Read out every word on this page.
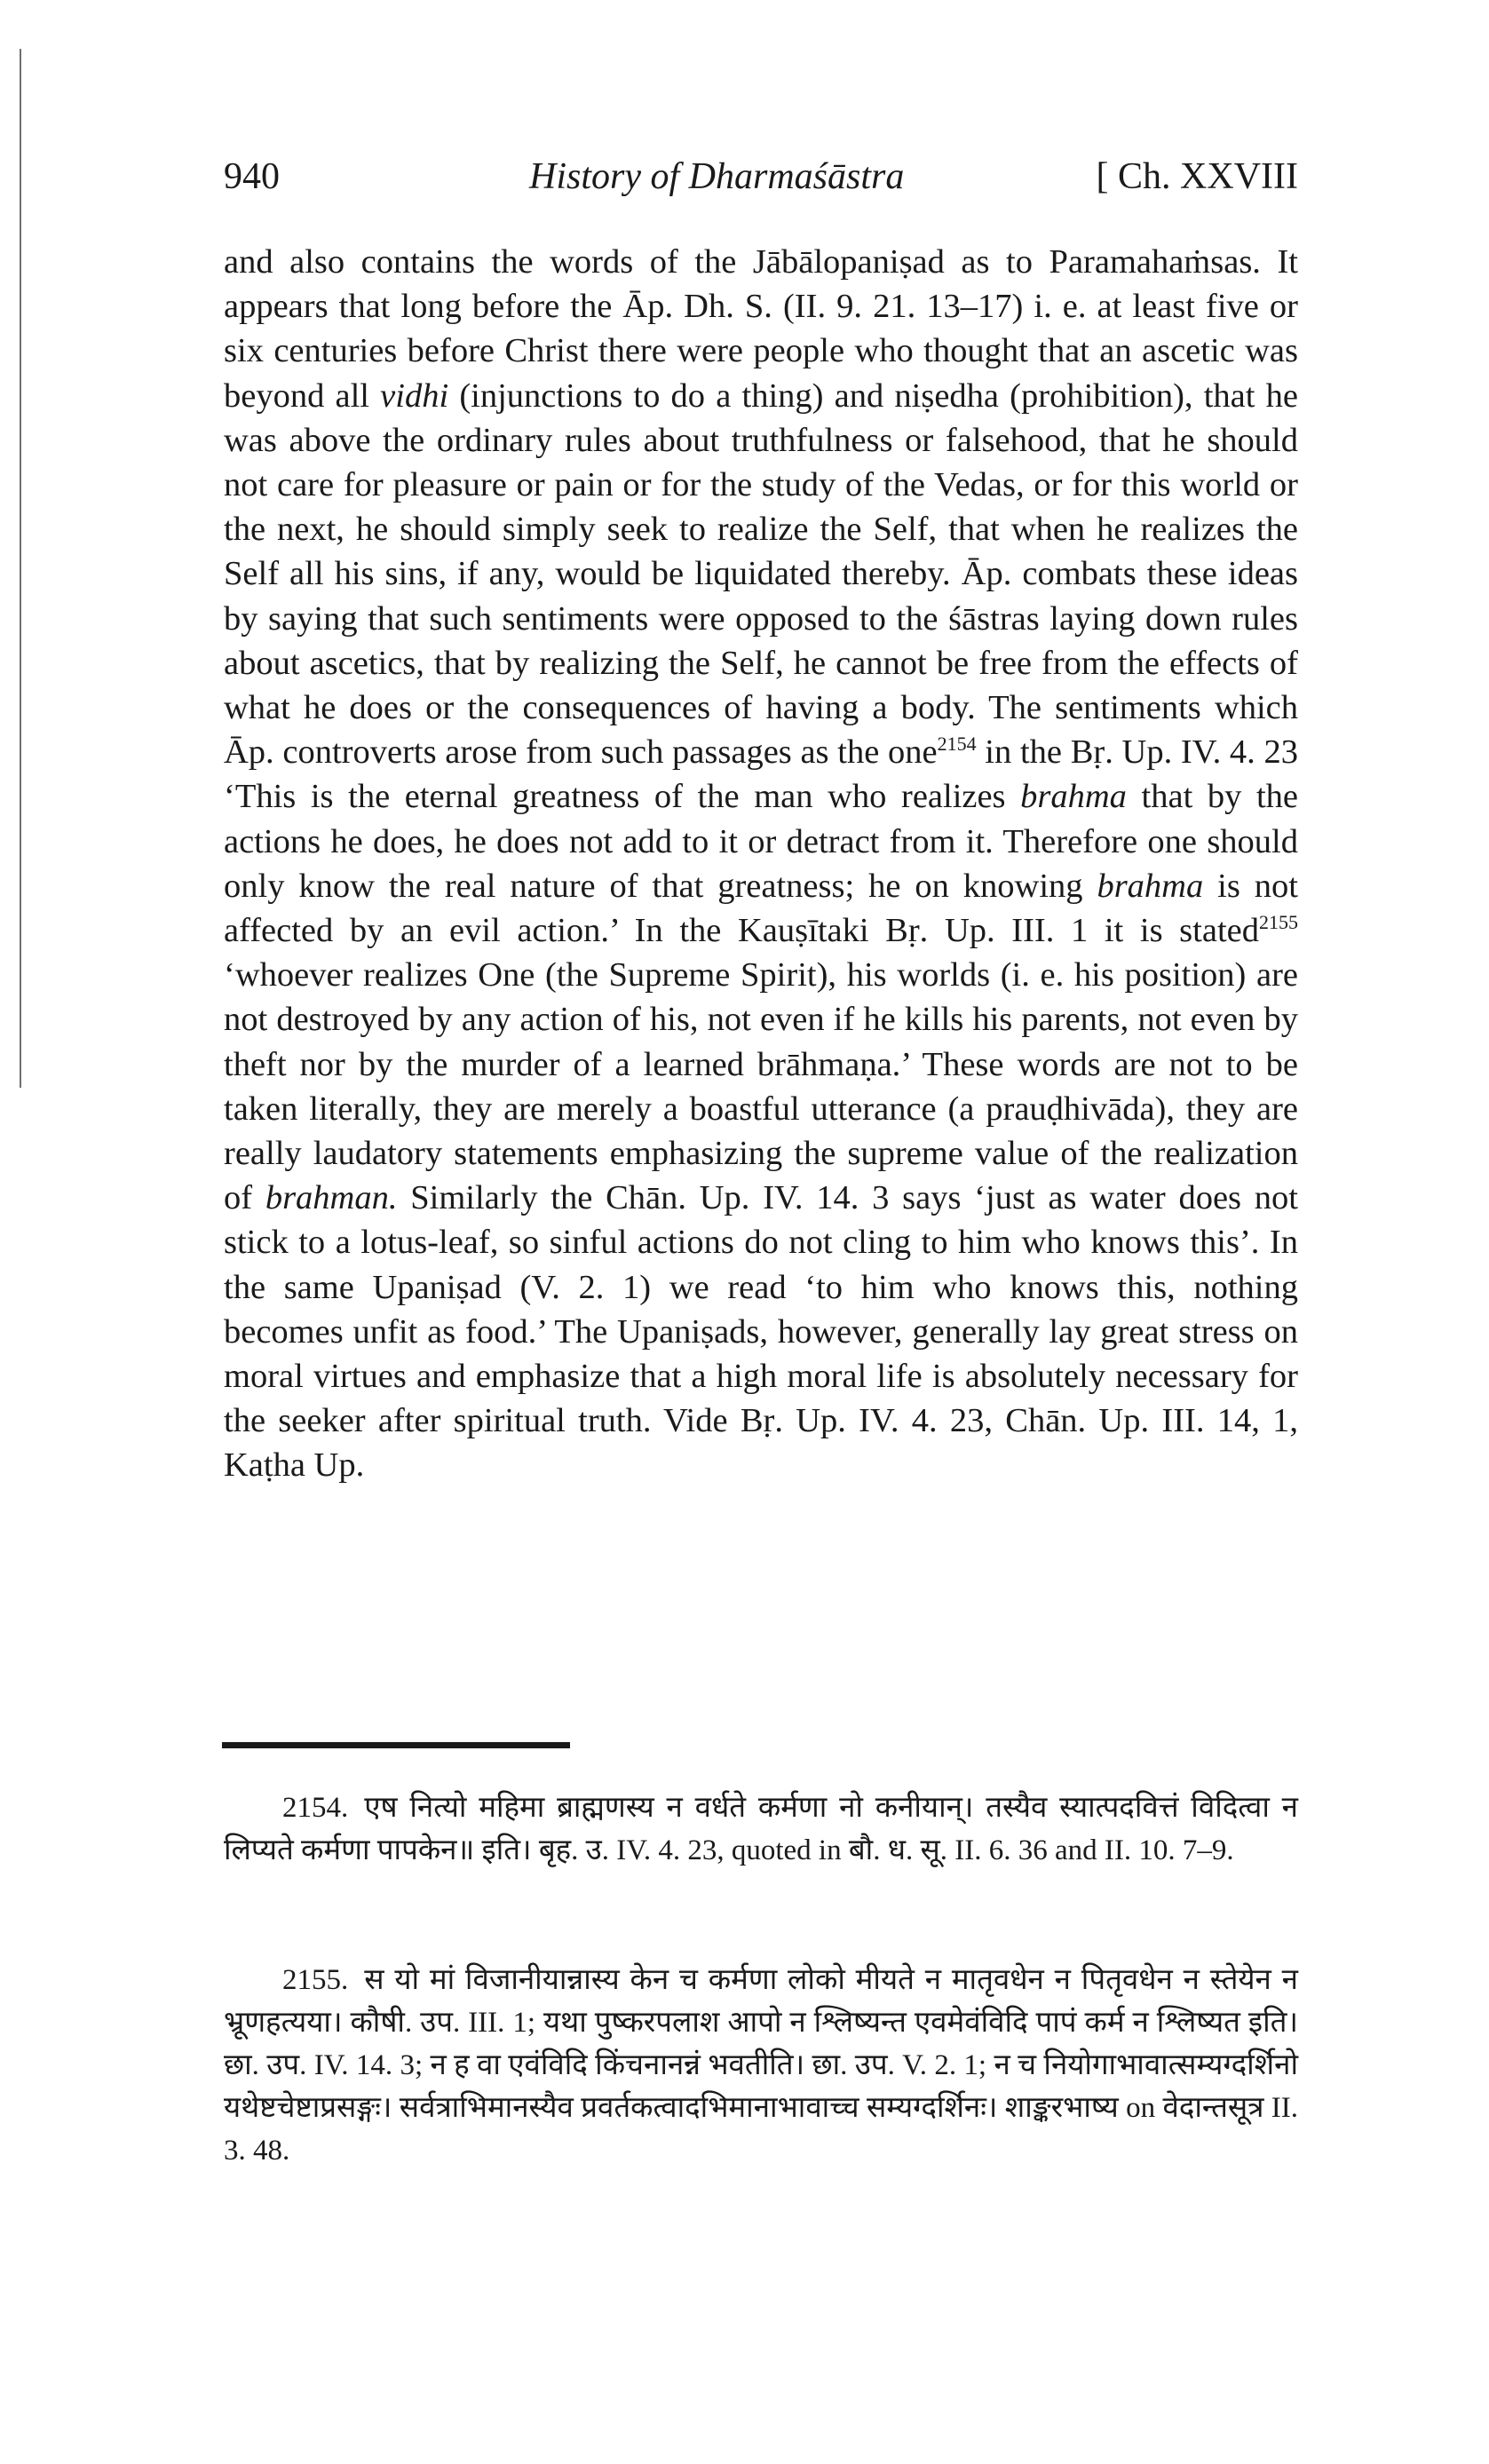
940	History of Dharmaśāstra	[ Ch. XXVIII

and also contains the words of the Jābālopaniṣad as to Paramahaṁsas. It appears that long before the Āp. Dh. S. (II. 9. 21. 13–17) i. e. at least five or six centuries before Christ there were people who thought that an ascetic was beyond all vidhi (injunctions to do a thing) and niṣedha (prohibition), that he was above the ordinary rules about truthfulness or falsehood, that he should not care for pleasure or pain or for the study of the Vedas, or for this world or the next, he should simply seek to realize the Self, that when he realizes the Self all his sins, if any, would be liquidated thereby. Āp. combats these ideas by saying that such sentiments were opposed to the śāstras laying down rules about ascetics, that by realizing the Self, he cannot be free from the effects of what he does or the consequences of having a body. The sentiments which Āp. controverts arose from such passages as the one$^{2154}$ in the Bṛ. Up. IV. 4. 23 ‘This is the eternal greatness of the man who realizes brahma that by the actions he does, he does not add to it or detract from it. Therefore one should only know the real nature of that greatness; he on knowing brahma is not affected by an evil action.’ In the Kauṣītaki Bṛ. Up. III. 1 it is stated$^{2155}$ ‘whoever realizes One (the Supreme Spirit), his worlds (i. e. his position) are not destroyed by any action of his, not even if he kills his parents, not even by theft nor by the murder of a learned brāhmaṇa.’ These words are not to be taken literally, they are merely a boastful utterance (a prauḍhivāda), they are really laudatory statements emphasizing the supreme value of the realization of brahman. Similarly the Chān. Up. IV. 14. 3 says ‘just as water does not stick to a lotus-leaf, so sinful actions do not cling to him who knows this’. In the same Upaniṣad (V. 2. 1) we read ‘to him who knows this, nothing becomes unfit as food.’ The Upaniṣads, however, generally lay great stress on moral virtues and emphasize that a high moral life is absolutely necessary for the seeker after spiritual truth. Vide Bṛ. Up. IV. 4. 23, Chān. Up. III. 14, 1, Kaṭha Up.

2154. एष नित्यो महिमा ब्राह्मणस्य न वर्धते कर्मणा नो कनीयान्। तस्यैव स्यात्पदवित्तं विदित्वा न लिप्यते कर्मणा पापकेन॥ इति। बृह. उ. IV. 4. 23, quoted in बौ. ध. सू. II. 6. 36 and II. 10. 7–9.

2155. स यो मां विजानीयान्नास्य केन च कर्मणा लोको मीयते न मातृवधेन न पितृवधेन न स्तेयेन न भ्रूणहत्यया। कौषी. उप. III. 1; यथा पुष्करपलाश आपो न श्लिष्यन्त एवमेवंविदि पापं कर्म न श्लिष्यत इति। छा. उप. IV. 14. 3; न ह वा एवंविदि किंचनानन्नं भवतीति। छा. उप. V. 2. 1; न च नियोगाभावात्सम्यग्दर्शिनो यथेष्टचेष्टाप्रसङ्गः। सर्वत्राभिमानस्यैव प्रवर्तकत्वादभिमानाभावाच्च सम्यग्दर्शिनः। शाङ्करभाष्य on वेदान्तसूत्र II. 3. 48.
